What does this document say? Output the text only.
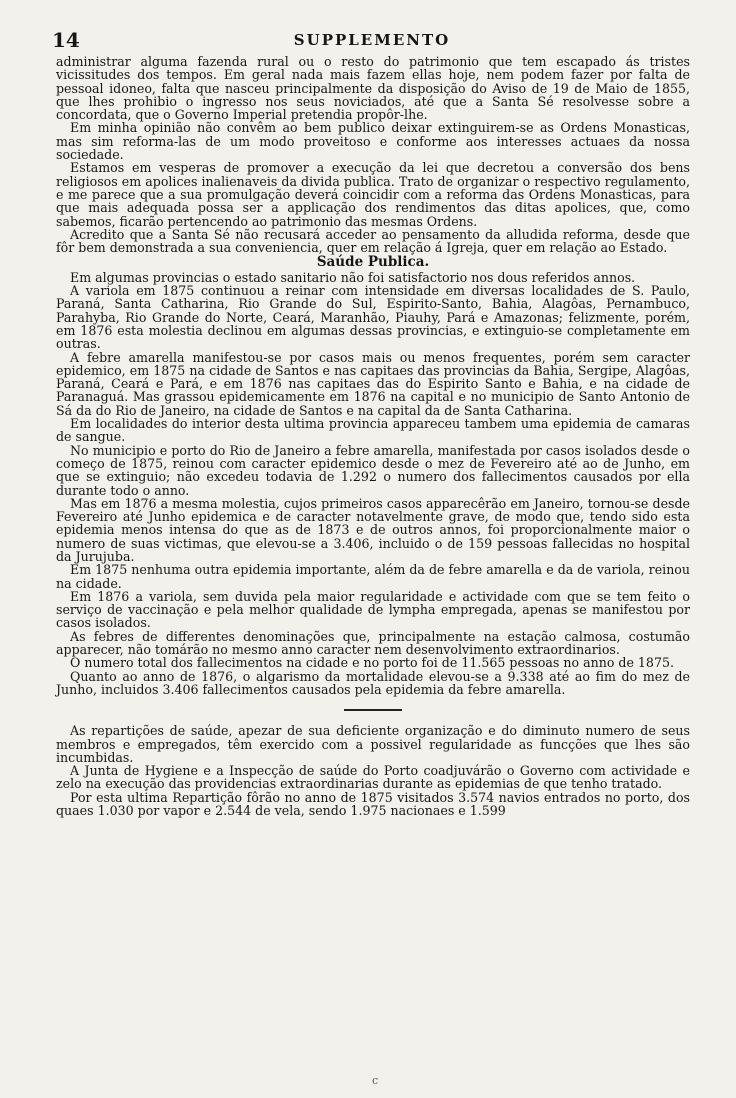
14	SUPPLEMENTO

administrar alguma fazenda rural ou o resto do patrimonio que tem escapado ás tristes vicissitudes dos tempos. Em geral nada mais fazem ellas hoje, nem podem fazer por falta de pessoal idoneo, falta que nasceu principalmente da disposição do Aviso de 19 de Maio de 1855, que lhes prohibio o ingresso nos seus noviciados, até que a Santa Sé resolvesse sobre a concordata, que o Governo Imperial pretendia propôr-lhe.

Em minha opinião não convêm ao bem publico deixar extinguirem-se as Ordens Monasticas, mas sim reforma-las de um modo proveitoso e conforme aos interesses actuaes da nossa sociedade.

Estamos em vesperas de promover a execução da lei que decretou a conversão dos bens religiosos em apolices inalienaveis da divida publica. Trato de organizar o respectivo regulamento, e me parece que a sua promulgação deverá coincidir com a reforma das Ordens Monasticas, para que mais adequada possa ser a applicação dos rendimentos das ditas apolices, que, como sabemos, ficarão pertencendo ao patrimonio das mesmas Ordens.

Acredito que a Santa Sé não recusará acceder ao pensamento da alludida reforma, desde que fôr bem demonstrada a sua conveniencia, quer em relação á Igreja, quer em relação ao Estado.

Saúde Publica.

Em algumas provincias o estado sanitario não foi satisfactorio nos dous referidos annos.

A variola em 1875 continuou a reinar com intensidade em diversas localidades de S. Paulo, Paraná, Santa Catharina, Rio Grande do Sul, Espirito-Santo, Bahia, Alagôas, Pernambuco, Parahyba, Rio Grande do Norte, Ceará, Maranhão, Piauhy, Pará e Amazonas; felizmente, porém, em 1876 esta molestia declinou em algumas dessas provincias, e extinguio-se completamente em outras.

A febre amarella manifestou-se por casos mais ou menos frequentes, porém sem caracter epidemico, em 1875 na cidade de Santos e nas capitaes das provincias da Bahia, Sergipe, Alagôas, Paraná, Ceará e Pará, e em 1876 nas capitaes das do Espirito Santo e Bahia, e na cidade de Paranaguá. Mas grassou epidemicamente em 1876 na capital e no municipio de Santo Antonio de Sá da do Rio de Janeiro, na cidade de Santos e na capital da de Santa Catharina.

Em localidades do interior desta ultima provincia appareceu tambem uma epidemia de camaras de sangue.

No municipio e porto do Rio de Janeiro a febre amarella, manifestada por casos isolados desde o começo de 1875, reinou com caracter epidemico desde o mez de Fevereiro até ao de Junho, em que se extinguio; não excedeu todavia de 1.292 o numero dos fallecimentos causados por ella durante todo o anno.

Mas em 1876 a mesma molestia, cujos primeiros casos apparecêrão em Janeiro, tornou-se desde Fevereiro até Junho epidemica e de caracter notavelmente grave, de modo que, tendo sido esta epidemia menos intensa do que as de 1873 e de outros annos, foi proporcionalmente maior o numero de suas victimas, que elevou-se a 3.406, incluido o de 159 pessoas fallecidas no hospital da Jurujuba.

Em 1875 nenhuma outra epidemia importante, além da de febre amarella e da de variola, reinou na cidade.

Em 1876 a variola, sem duvida pela maior regularidade e actividade com que se tem feito o serviço de vaccinação e pela melhor qualidade de lympha empregada, apenas se manifestou por casos isolados.

As febres de differentes denominações que, principalmente na estação calmosa, costumão apparecer, não tomárão no mesmo anno caracter nem desenvolvimento extraordinarios.

O numero total dos fallecimentos na cidade e no porto foi de 11.565 pessoas no anno de 1875.

Quanto ao anno de 1876, o algarismo da mortalidade elevou-se a 9.338 até ao fim do mez de Junho, incluidos 3.406 fallecimentos causados pela epidemia da febre amarella.

As repartições de saúde, apezar de sua deficiente organização e do diminuto numero de seus membros e empregados, têm exercido com a possivel regularidade as funcções que lhes são incumbidas.

A Junta de Hygiene e a Inspecção de saúde do Porto coadjuvárão o Governo com actividade e zelo na execução das providencias extraordinarias durante as epidemias de que tenho tratado.

Por esta ultima Repartição fôrão no anno de 1875 visitados 3.574 navios entrados no porto, dos quaes 1.030 por vapor e 2.544 de vela, sendo 1.975 nacionaes e 1.599

c
